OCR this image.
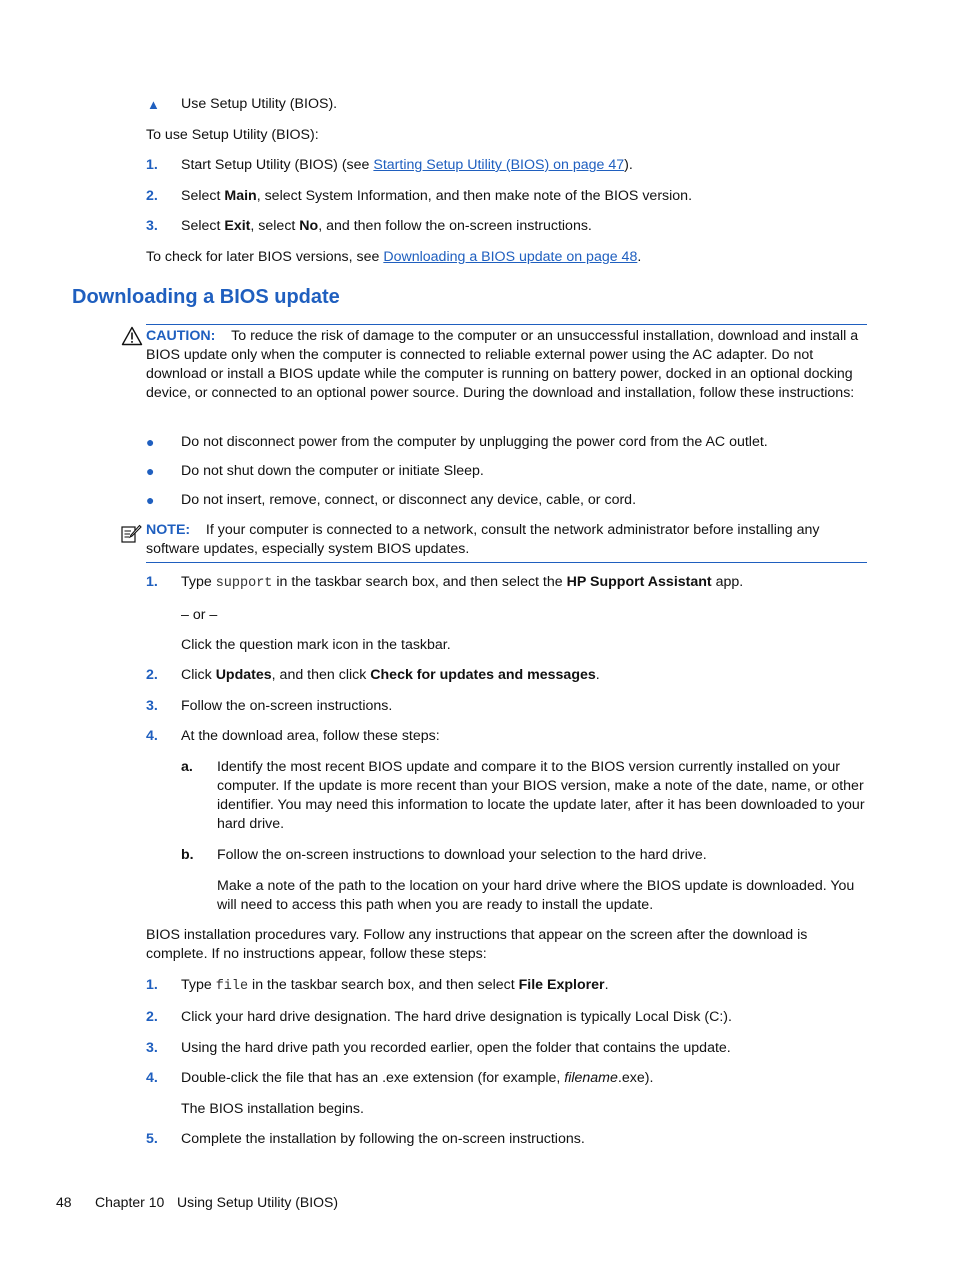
▲ Use Setup Utility (BIOS).
To use Setup Utility (BIOS):
1. Start Setup Utility (BIOS) (see Starting Setup Utility (BIOS) on page 47).
2. Select Main, select System Information, and then make note of the BIOS version.
3. Select Exit, select No, and then follow the on-screen instructions.
To check for later BIOS versions, see Downloading a BIOS update on page 48.
Downloading a BIOS update
CAUTION: To reduce the risk of damage to the computer or an unsuccessful installation, download and install a BIOS update only when the computer is connected to reliable external power using the AC adapter. Do not download or install a BIOS update while the computer is running on battery power, docked in an optional docking device, or connected to an optional power source. During the download and installation, follow these instructions:
● Do not disconnect power from the computer by unplugging the power cord from the AC outlet.
● Do not shut down the computer or initiate Sleep.
● Do not insert, remove, connect, or disconnect any device, cable, or cord.
NOTE: If your computer is connected to a network, consult the network administrator before installing any software updates, especially system BIOS updates.
1. Type support in the taskbar search box, and then select the HP Support Assistant app.
– or –
Click the question mark icon in the taskbar.
2. Click Updates, and then click Check for updates and messages.
3. Follow the on-screen instructions.
4. At the download area, follow these steps:
a. Identify the most recent BIOS update and compare it to the BIOS version currently installed on your computer. If the update is more recent than your BIOS version, make a note of the date, name, or other identifier. You may need this information to locate the update later, after it has been downloaded to your hard drive.
b. Follow the on-screen instructions to download your selection to the hard drive.
Make a note of the path to the location on your hard drive where the BIOS update is downloaded. You will need to access this path when you are ready to install the update.
BIOS installation procedures vary. Follow any instructions that appear on the screen after the download is complete. If no instructions appear, follow these steps:
1. Type file in the taskbar search box, and then select File Explorer.
2. Click your hard drive designation. The hard drive designation is typically Local Disk (C:).
3. Using the hard drive path you recorded earlier, open the folder that contains the update.
4. Double-click the file that has an .exe extension (for example, filename.exe).
The BIOS installation begins.
5. Complete the installation by following the on-screen instructions.
48 Chapter 10 Using Setup Utility (BIOS)
